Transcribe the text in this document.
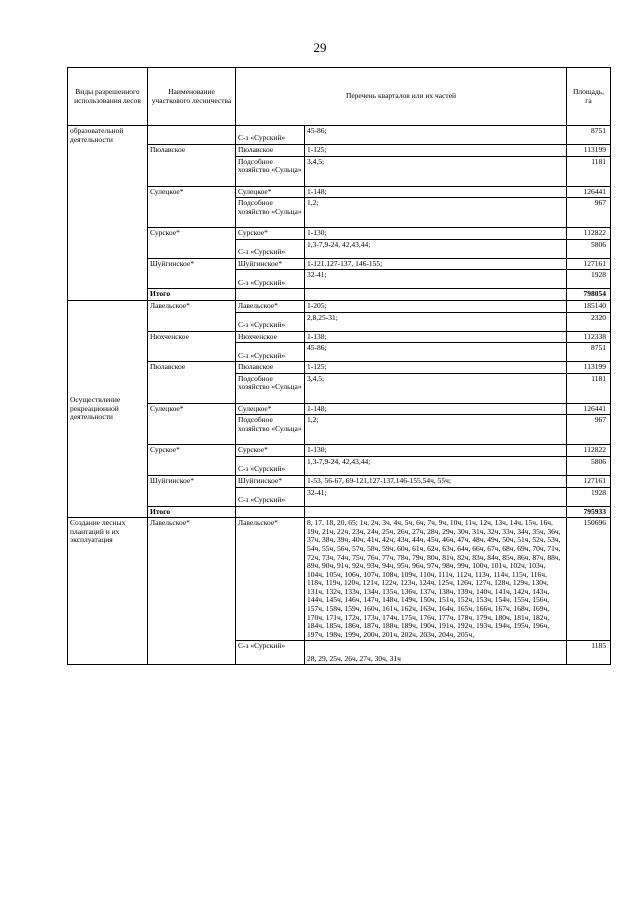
29
Виды разрешенного использования лесов	Наименование участкового лесничества	Перечень кварталов или их частей		Площадь, га
образовательной деятельности		С-з «Сурский»	45-86;	8751
	Пюлавское	Пюлавское	1-125;	113199
		Подсобное хозяйство «Сульца»	3,4,5;	1181
	Сулецкое*	Сулецкое*	1-148;	126441
		Подсобное хозяйство «Сульца»	1,2;	967
	Сурское*	Сурское*	1-130;	112822
		С-з «Сурский»	1,3-7,9-24, 42,43,44;	5806
	Шуйгинское*	Шуйгинское*	1-121.127-137, 146-155;	127161
		С-з «Сурский»	32-41;	1928
	Итого			798054
Осуществление рекреационной деятельности	Лавельское*	Лавельское*	1-205;	185140
		С-з «Сурский»	2,8,25-31;	2320
	Нюхченское	Нюхченское	1-138;	112338
		С-з «Сурский»	45-86;	8751
	Пюлавское	Пюлавское	1-125;	113199
		Подсобное хозяйство «Сульца»	3,4,5;	1181
	Сулецкое*	Сулецкое*	1-148;	126441
		Подсобное хозяйство «Сульца»	1,2;	967
	Сурское*	Сурское*	1-130;	112822
		С-з «Сурский»	1,3-7,9-24, 42,43,44;	5806
	Шуйгинское*	Шуйгинское*	1-53, 56-67, 69-121,127-137,146-155,54ч, 55ч;	127161
		С-з «Сурский»	32-41;	1928
	Итого			795933
Создание лесных плантаций и их эксплуатация	Лавельское*	Лавельское*	8, 17, 18, 20, 65; 1ч, 2ч, 3ч, 4ч, 5ч, 6ч, 7ч, 9ч, 10ч, 11ч, 12ч, 13ч, 14ч, 15ч, 16ч, 19ч, 21ч, 22ч, 23ч, 24ч, 25ч, 26ч, 27ч, 28ч, 29ч, 30ч, 31ч, 32ч, 33ч, 34ч, 35ч, 36ч, 37ч, 38ч, 39ч, 40ч, 41ч, 42ч, 43ч, 44ч, 45ч, 46ч, 47ч, 48ч, 49ч, 50ч, 51ч, 52ч, 53ч, 54ч, 55ч, 56ч, 57ч, 58ч, 59ч, 60ч, 61ч, 62ч, 63ч, 64ч, 66ч, 67ч, 68ч, 69ч, 70ч, 71ч, 72ч, 73ч, 74ч, 75ч, 76ч, 77ч, 78ч, 79ч, 80ч, 81ч, 82ч, 83ч, 84ч, 85ч, 86ч, 87ч, 88ч, 89ч, 90ч, 91ч, 92ч, 93ч, 94ч, 95ч, 96ч, 97ч, 98ч, 99ч, 100ч, 101ч, 102ч, 103ч, 104ч, 105ч, 106ч, 107ч, 108ч, 109ч, 110ч, 111ч, 112ч, 113ч, 114ч, 115ч, 116ч, 118ч, 119ч, 120ч, 121ч, 122ч, 123ч, 124ч, 125ч, 126ч, 127ч, 128ч, 129ч, 130ч, 131ч, 132ч, 133ч, 134ч, 135ч, 136ч, 137ч, 138ч, 139ч, 140ч, 141ч, 142ч, 143ч, 144ч, 145ч, 146ч, 147ч, 148ч, 149ч, 150ч, 151ч, 152ч, 153ч, 154ч, 155ч, 156ч, 157ч, 158ч, 159ч, 160ч, 161ч, 162ч, 163ч, 164ч, 165ч, 166ч, 167ч, 168ч, 169ч, 170ч, 171ч, 172ч, 173ч, 174ч, 175ч, 176ч, 177ч, 178ч, 179ч, 180ч, 181ч, 182ч, 184ч, 185ч, 186ч, 187ч, 188ч, 189ч, 190ч, 191ч, 192ч, 193ч, 194ч, 195ч, 196ч, 197ч, 198ч, 199ч, 200ч, 201ч, 202ч, 203ч, 204ч, 205ч,	150696
		С-з «Сурский»	28, 29, 25ч, 26ч, 27ч, 30ч, 31ч	1185
